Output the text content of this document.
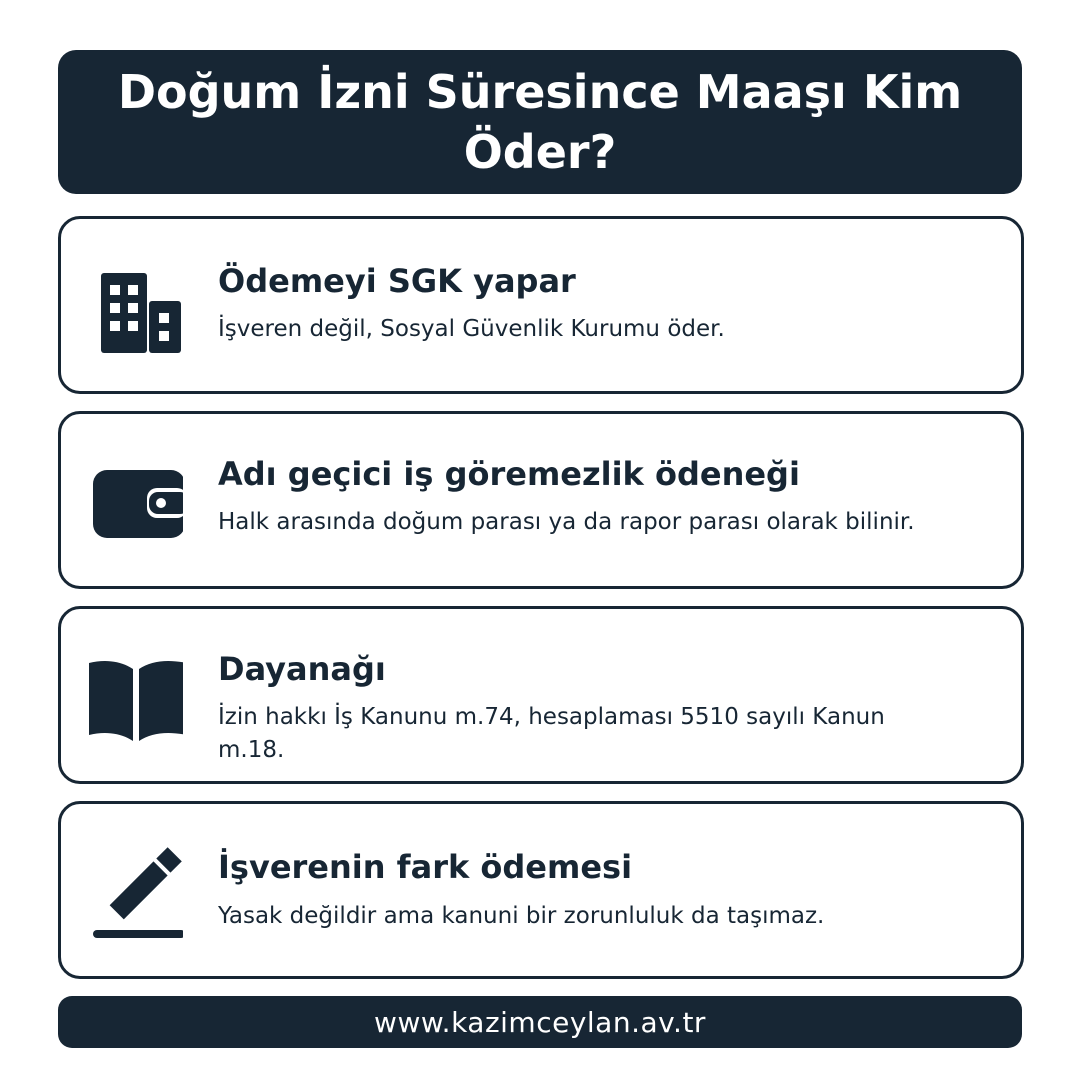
Doğum İzni Süresince Maaşı Kim Öder?
Ödemeyi SGK yapar
İşveren değil, Sosyal Güvenlik Kurumu öder.
Adı geçici iş göremezlik ödeneği
Halk arasında doğum parası ya da rapor parası olarak bilinir.
Dayanağı
İzin hakkı İş Kanunu m.74, hesaplaması 5510 sayılı Kanun m.18.
İşverenin fark ödemesi
Yasak değildir ama kanuni bir zorunluluk da taşımaz.
www.kazimceylan.av.tr
